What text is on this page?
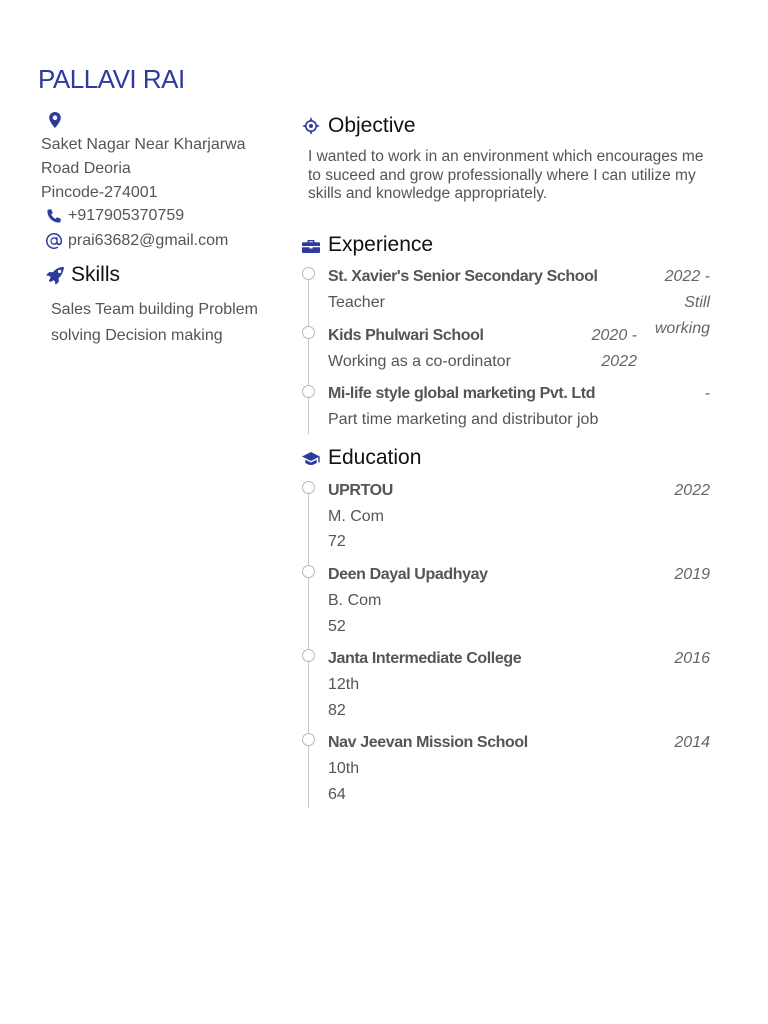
PALLAVI RAI
Saket Nagar Near Kharjarwa
Road Deoria
Pincode-274001
+917905370759
prai63682@gmail.com
Skills
Sales Team building Problem solving Decision making
Objective
I wanted to work in an environment which encourages me to suceed and grow professionally where I can utilize my skills and knowledge appropriately.
Experience
St. Xavier's Senior Secondary School
Teacher
2022 -
Still
working
Kids Phulwari School
Working as a co-ordinator
2020 -
2022
Mi-life style global marketing Pvt. Ltd
Part time marketing and distributor job
-
Education
UPRTOU
M. Com
72
2022
Deen Dayal Upadhyay
B. Com
52
2019
Janta Intermediate College
12th
82
2016
Nav Jeevan Mission School
10th
64
2014
